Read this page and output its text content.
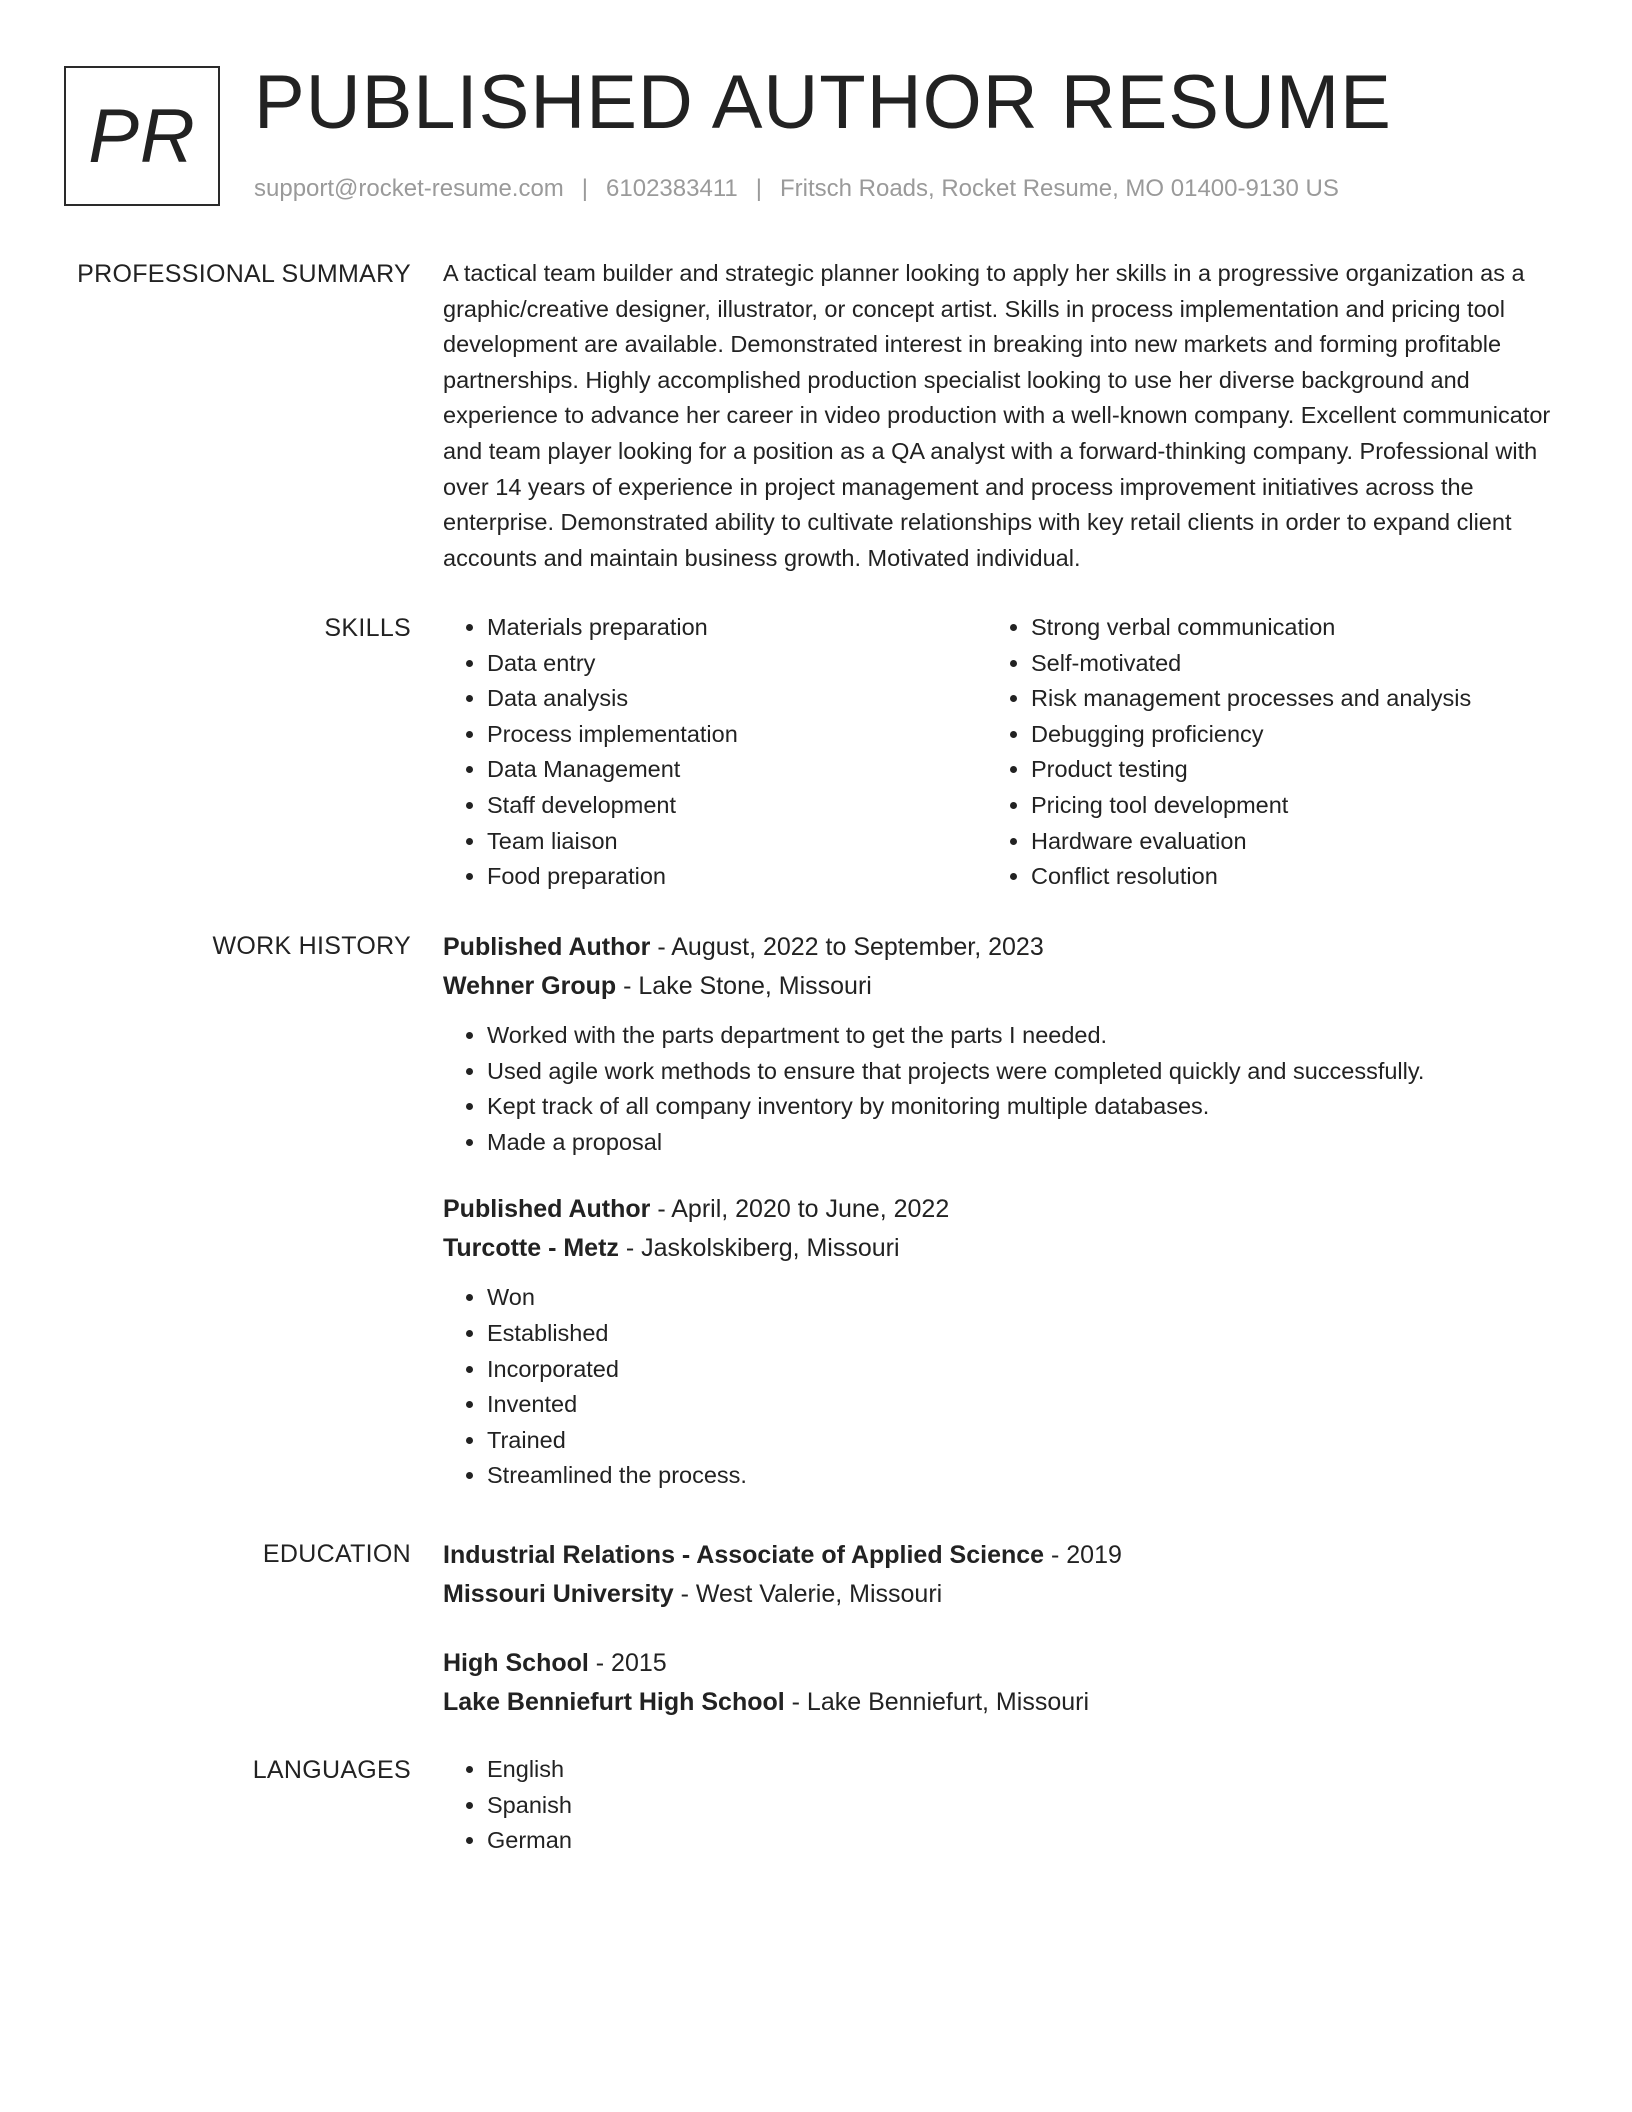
PR PUBLISHED AUTHOR RESUME
support@rocket-resume.com | 6102383411 | Fritsch Roads, Rocket Resume, MO 01400-9130 US
PROFESSIONAL SUMMARY A tactical team builder and strategic planner looking to apply her skills in a progressive organization as a graphic/creative designer, illustrator, or concept artist. Skills in process implementation and pricing tool development are available. Demonstrated interest in breaking into new markets and forming profitable partnerships. Highly accomplished production specialist looking to use her diverse background and experience to advance her career in video production with a well-known company. Excellent communicator and team player looking for a position as a QA analyst with a forward-thinking company. Professional with over 14 years of experience in project management and process improvement initiatives across the enterprise. Demonstrated ability to cultivate relationships with key retail clients in order to expand client accounts and maintain business growth. Motivated individual.

SKILLS	• Materials preparation
• Data entry
• Data analysis
• Process implementation
• Data Management
• Staff development
• Team liaison
• Food preparation
• Strong verbal communication
• Self-motivated
• Risk management processes and analysis
• Debugging proficiency
• Product testing
• Pricing tool development
• Hardware evaluation
• Conflict resolution
WORK HISTORY Published Author - August, 2022 to September, 2023
Wehner Group - Lake Stone, Missouri
• Worked with the parts department to get the parts I needed.
• Used agile work methods to ensure that projects were completed quickly and successfully.
• Kept track of all company inventory by monitoring multiple databases.
• Made a proposal
Published Author - April, 2020 to June, 2022
Turcotte - Metz - Jaskolskiberg, Missouri
• Won
• Established
• Incorporated
• Invented
• Trained
• Streamlined the process.
EDUCATION Industrial Relations - Associate of Applied Science - 2019
Missouri University - West Valerie, Missouri
High School - 2015
Lake Benniefurt High School - Lake Benniefurt, Missouri
LANGUAGES	• English
• Spanish
• German
